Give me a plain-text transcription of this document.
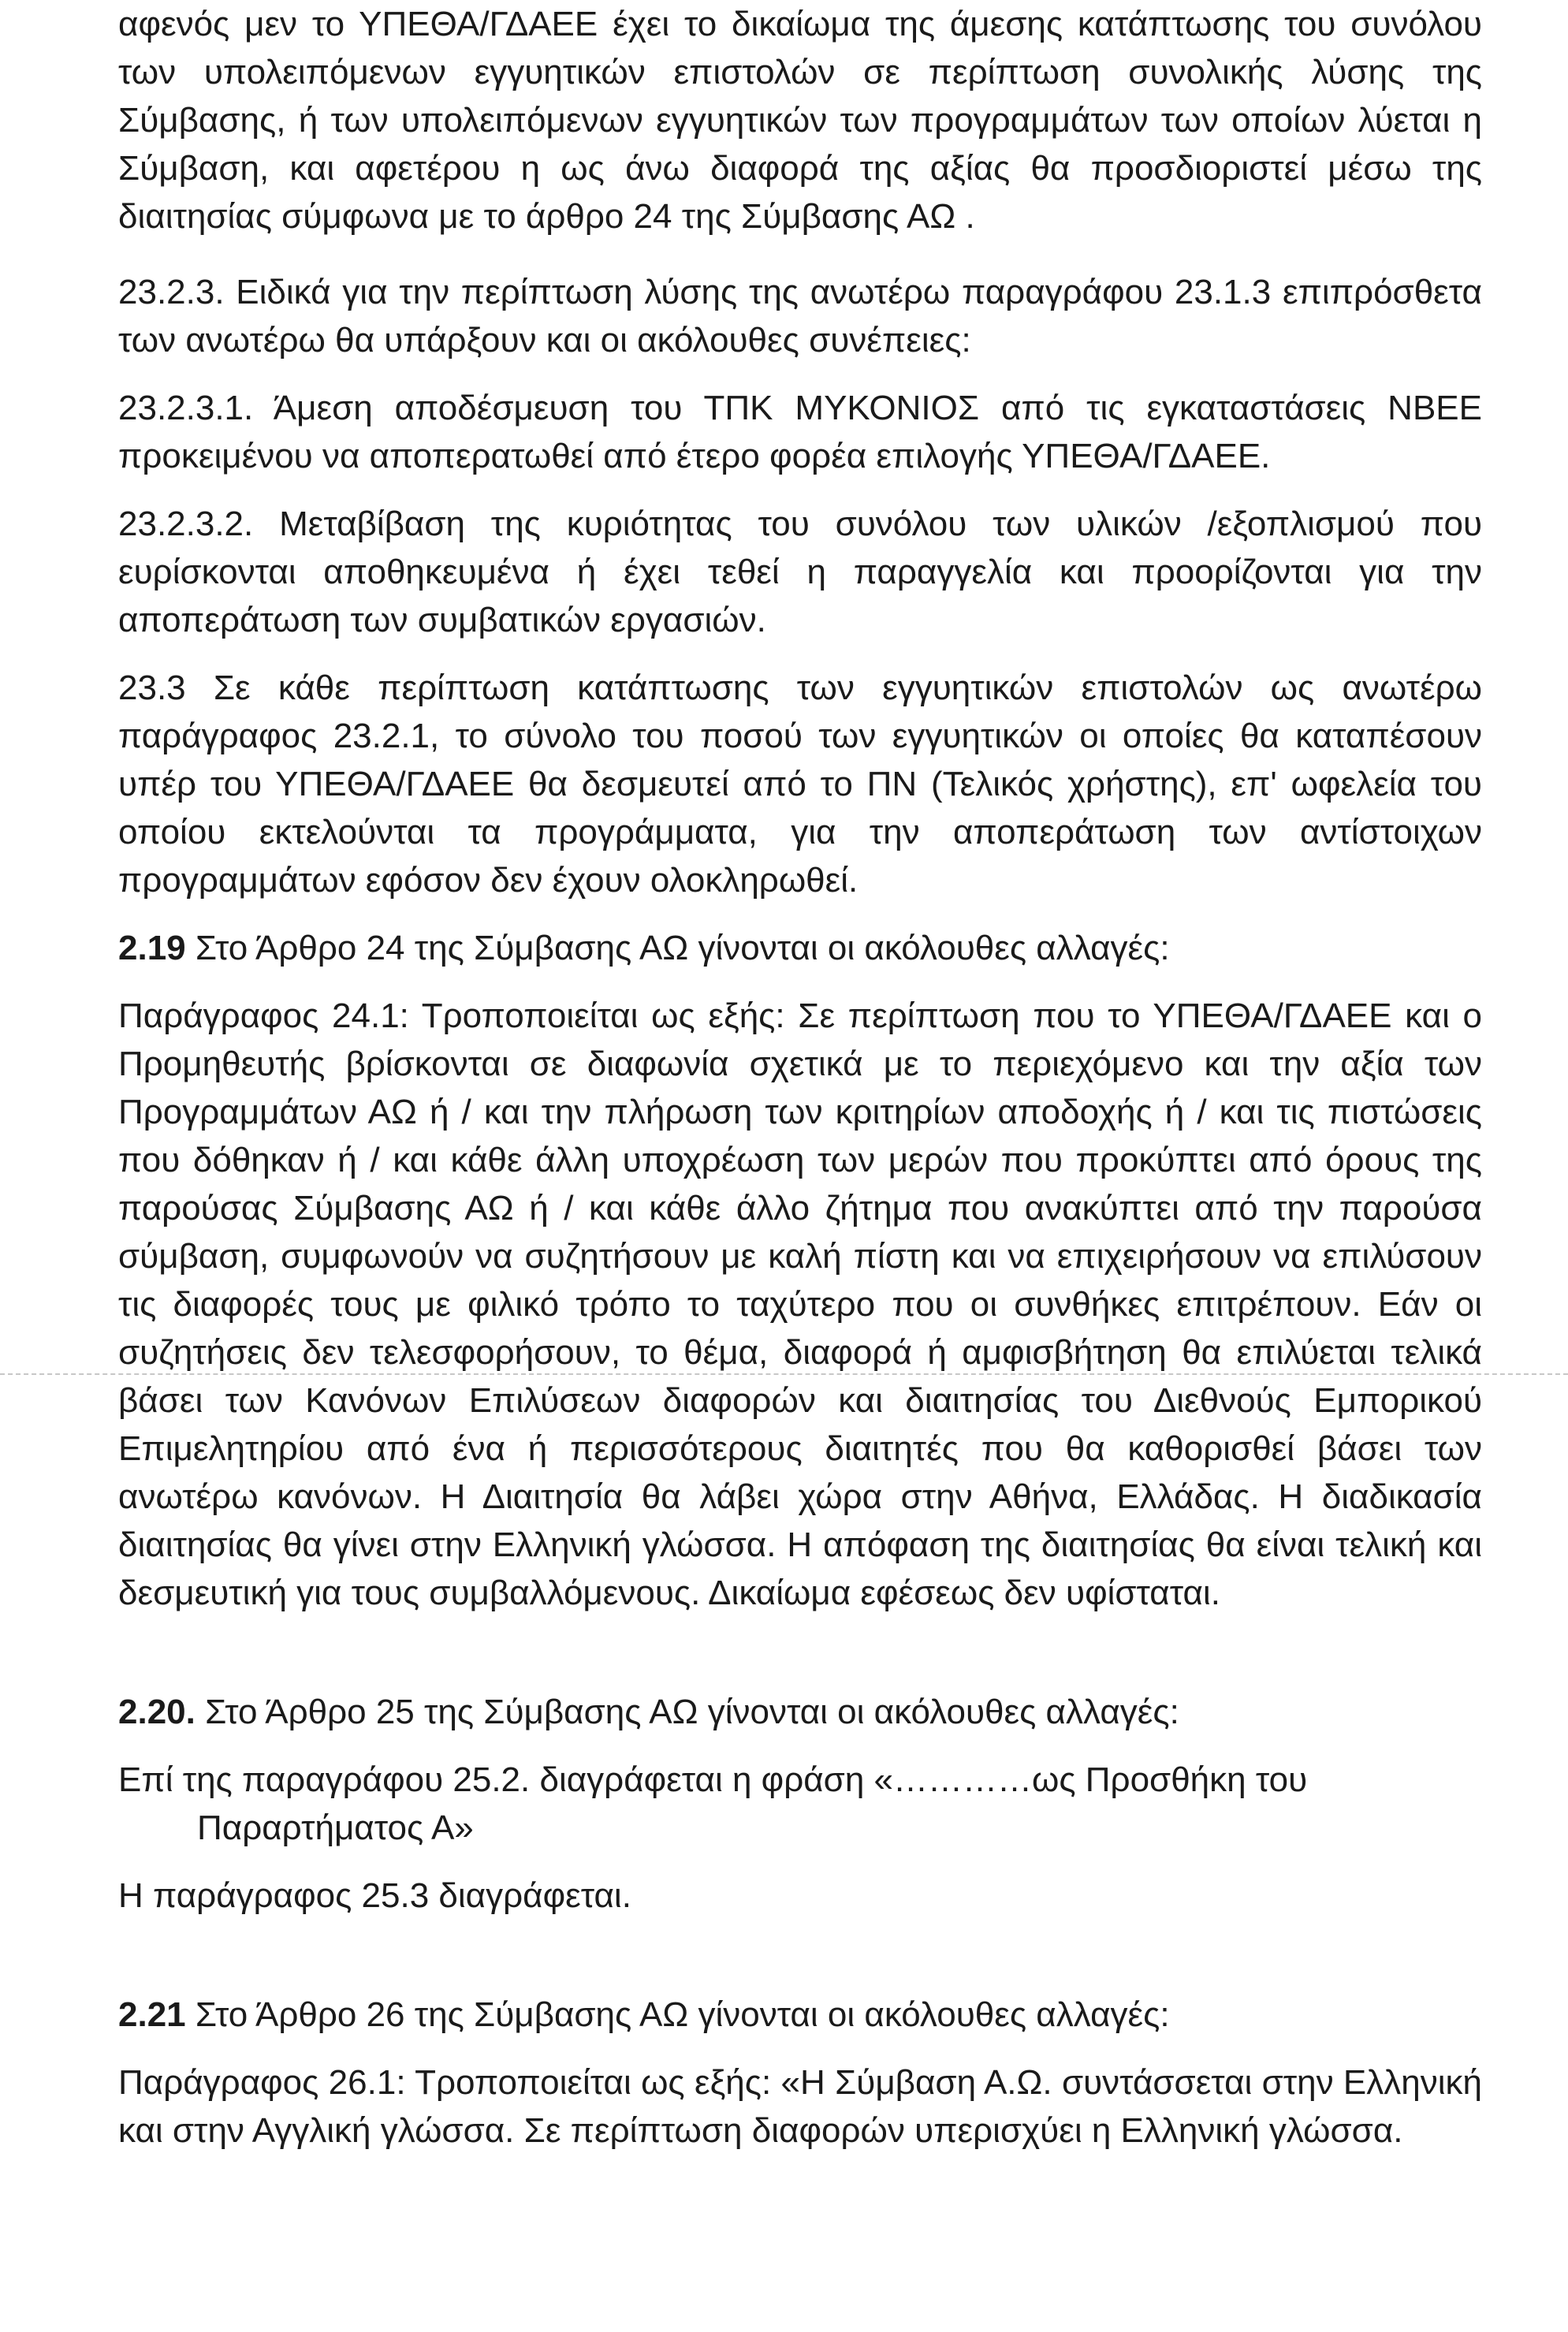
αφενός μεν το ΥΠΕΘΑ/ΓΔΑΕΕ έχει το δικαίωμα της άμεσης κατάπτωσης του συνόλου των υπολειπόμενων εγγυητικών επιστολών σε περίπτωση συνολικής λύσης της Σύμβασης, ή των υπολειπόμενων εγγυητικών των προγραμμάτων των οποίων λύεται η Σύμβαση, και αφετέρου η ως άνω διαφορά της αξίας θα προσδιοριστεί μέσω της διαιτησίας σύμφωνα με το άρθρο 24 της Σύμβασης ΑΩ .

23.2.3. Ειδικά για την περίπτωση λύσης της ανωτέρω παραγράφου 23.1.3 επιπρόσθετα των ανωτέρω θα υπάρξουν και οι ακόλουθες συνέπειες:

23.2.3.1. Άμεση αποδέσμευση του ΤΠΚ ΜΥΚΟΝΙΟΣ από τις εγκαταστάσεις ΝΒΕΕ προκειμένου να αποπερατωθεί από έτερο φορέα επιλογής ΥΠΕΘΑ/ΓΔΑΕΕ.

23.2.3.2. Μεταβίβαση της κυριότητας του συνόλου των υλικών /εξοπλισμού που ευρίσκονται αποθηκευμένα ή έχει τεθεί η παραγγελία και προορίζονται για την αποπεράτωση των συμβατικών εργασιών.

23.3 Σε κάθε περίπτωση κατάπτωσης των εγγυητικών επιστολών ως ανωτέρω παράγραφος 23.2.1, το σύνολο του ποσού των εγγυητικών οι οποίες θα καταπέσουν υπέρ του ΥΠΕΘΑ/ΓΔΑΕΕ θα δεσμευτεί από το ΠΝ (Τελικός χρήστης), επ' ωφελεία του οποίου εκτελούνται τα προγράμματα, για την αποπεράτωση των αντίστοιχων προγραμμάτων εφόσον δεν έχουν ολοκληρωθεί.

2.19 Στο Άρθρο 24 της Σύμβασης ΑΩ γίνονται οι ακόλουθες αλλαγές:

Παράγραφος 24.1: Τροποποιείται ως εξής: Σε περίπτωση που το ΥΠΕΘΑ/ΓΔΑΕΕ και ο Προμηθευτής βρίσκονται σε διαφωνία σχετικά με το περιεχόμενο και την αξία των Προγραμμάτων ΑΩ ή / και την πλήρωση των κριτηρίων αποδοχής ή / και τις πιστώσεις που δόθηκαν ή / και κάθε άλλη υποχρέωση των μερών που προκύπτει από όρους της παρούσας Σύμβασης ΑΩ ή / και κάθε άλλο ζήτημα που ανακύπτει από την παρούσα σύμβαση, συμφωνούν να συζητήσουν με καλή πίστη και να επιχειρήσουν να επιλύσουν τις διαφορές τους με φιλικό τρόπο το ταχύτερο που οι συνθήκες επιτρέπουν. Εάν οι συζητήσεις δεν τελεσφορήσουν, το θέμα, διαφορά ή αμφισβήτηση θα επιλύεται τελικά βάσει των Κανόνων Επιλύσεων διαφορών και διαιτησίας του Διεθνούς Εμπορικού Επιμελητηρίου από ένα ή περισσότερους διαιτητές που θα καθορισθεί βάσει των ανωτέρω κανόνων. Η Διαιτησία θα λάβει χώρα στην Αθήνα, Ελλάδας. Η διαδικασία διαιτησίας θα γίνει στην Ελληνική γλώσσα. Η απόφαση της διαιτησίας θα είναι τελική και δεσμευτική για τους συμβαλλόμενους. Δικαίωμα εφέσεως δεν υφίσταται.

2.20. Στο Άρθρο 25 της Σύμβασης ΑΩ γίνονται οι ακόλουθες αλλαγές:

Επί της παραγράφου 25.2. διαγράφεται η φράση «…………ως Προσθήκη του
Παραρτήματος Α»

Η παράγραφος 25.3 διαγράφεται.

2.21 Στο Άρθρο 26 της Σύμβασης ΑΩ γίνονται οι ακόλουθες αλλαγές:

Παράγραφος 26.1: Τροποποιείται ως εξής: «Η Σύμβαση Α.Ω. συντάσσεται στην Ελληνική και στην Αγγλική γλώσσα. Σε περίπτωση διαφορών υπερισχύει η Ελληνική γλώσσα.
